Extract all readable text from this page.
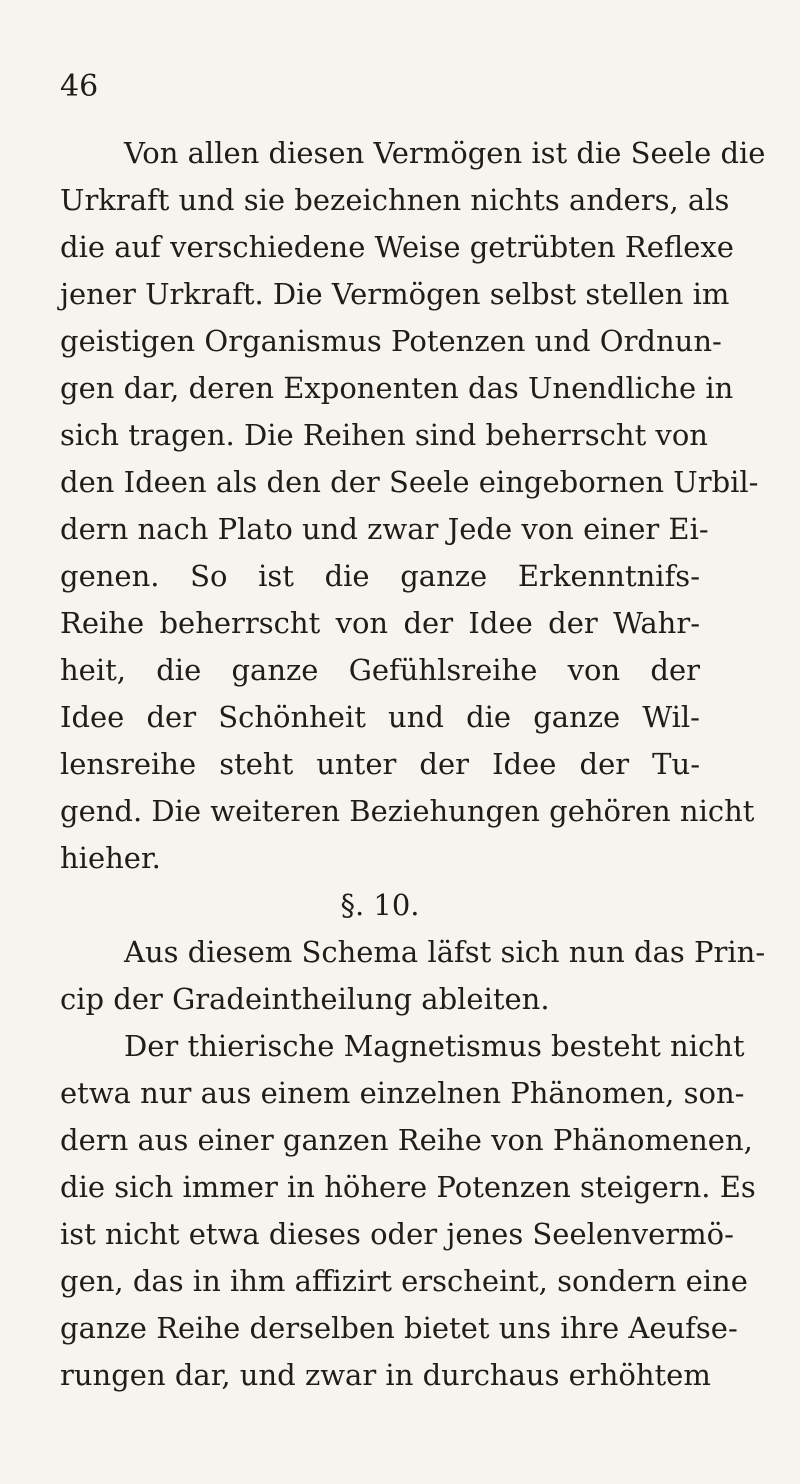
46
Von allen diesen Vermögen ist die Seele die
Urkraft und sie bezeichnen nichts anders, als
die auf verschiedene Weise getrübten Reflexe
jener Urkraft. Die Vermögen selbst stellen im
geistigen Organismus Potenzen und Ordnun-
gen dar, deren Exponenten das Unendliche in
sich tragen. Die Reihen sind beherrscht von
den Ideen als den der Seele eingebornen Urbil-
dern nach Plato und zwar Jede von einer Ei-
genen. So ist die ganze Erkenntnifs-
Reihe beherrscht von der Idee der Wahr-
heit, die ganze Gefühlsreihe von der
Idee der Schönheit und die ganze Wil-
lensreihe steht unter der Idee der Tu-
gend. Die weiteren Beziehungen gehören nicht
hieher.
§. 10.
Aus diesem Schema läfst sich nun das Prin-
cip der Gradeintheilung ableiten.
Der thierische Magnetismus besteht nicht
etwa nur aus einem einzelnen Phänomen, son-
dern aus einer ganzen Reihe von Phänomenen,
die sich immer in höhere Potenzen steigern. Es
ist nicht etwa dieses oder jenes Seelenvermö-
gen, das in ihm affizirt erscheint, sondern eine
ganze Reihe derselben bietet uns ihre Aeufse-
rungen dar, und zwar in durchaus erhöhtem
